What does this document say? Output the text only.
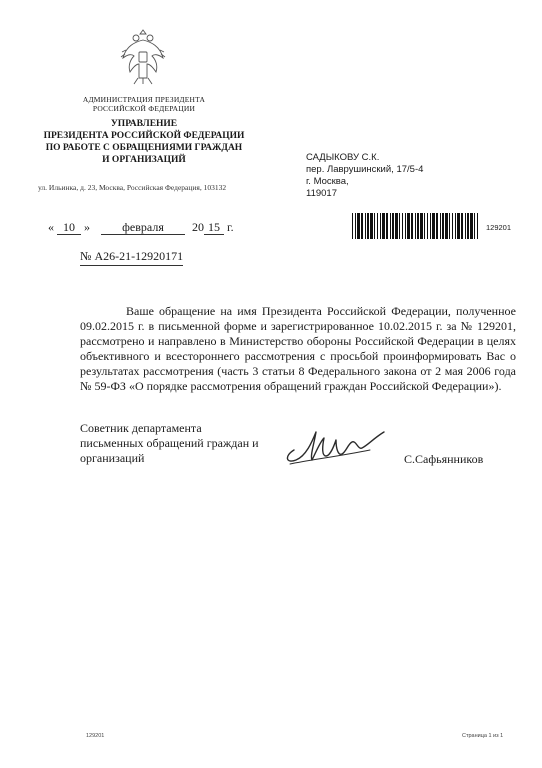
АДМИНИСТРАЦИЯ ПРЕЗИДЕНТА
РОССИЙСКОЙ ФЕДЕРАЦИИ
УПРАВЛЕНИЕ
ПРЕЗИДЕНТА РОССИЙСКОЙ ФЕДЕРАЦИИ
ПО РАБОТЕ С ОБРАЩЕНИЯМИ ГРАЖДАН
И ОРГАНИЗАЦИЙ
ул. Ильинка, д. 23, Москва, Российская Федерация, 103132
САДЫКОВУ С.К.
пер. Лаврушинский, 17/5-4
г. Москва,
119017
129201
« 10 »	февраля 20 15 г.
№ А26-21-12920171

Ваше обращение на имя Президента Российской Федерации, полученное 09.02.2015 г. в письменной форме и зарегистрированное 10.02.2015 г. за № 129201, рассмотрено и направлено в Министерство обороны Российской Федерации в целях объективного и всестороннего рассмотрения с просьбой проинформировать Вас о результатах рассмотрения (часть 3 статьи 8 Федерального закона от 2 мая 2006 года № 59-ФЗ «О порядке рассмотрения обращений граждан Российской Федерации»).

Советник департамента
письменных обращений граждан и
организаций	С.Сафьянников
129201	Страница 1 из 1
